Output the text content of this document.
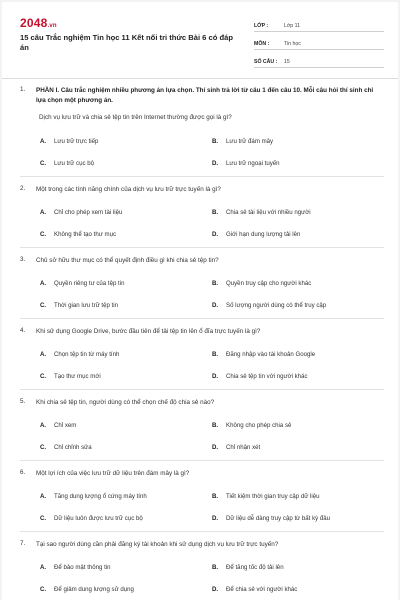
2048.vn
15 câu Trắc nghiệm Tin học 11 Kết nối tri thức Bài 6 có đáp án
LỚP :	Lớp 11
MÔN :	Tin học
SỐ CÂU :	15
1.	PHẦN I. Câu trắc nghiệm nhiều phương án lựa chọn. Thí sinh trả lời từ câu 1 đến câu 10. Mỗi câu hỏi thí sinh chỉ lựa chọn một phương án.
Dịch vụ lưu trữ và chia sẻ tệp tin trên Internet thường được gọi là gì?
A.	Lưu trữ trực tiếp	B.	Lưu trữ đám mây
C.	Lưu trữ cục bộ	D.	Lưu trữ ngoại tuyến
2.	Một trong các tính năng chính của dịch vụ lưu trữ trực tuyến là gì?
A.	Chỉ cho phép xem tài liệu	B.	Chia sẻ tài liệu với nhiều người
C.	Không thể tạo thư mục	D.	Giới hạn dung lượng tải lên
3.	Chủ sở hữu thư mục có thể quyết định điều gì khi chia sẻ tệp tin?
A.	Quyền riêng tư của tệp tin	B.	Quyền truy cập cho người khác
C.	Thời gian lưu trữ tệp tin	D.	Số lượng người dùng có thể truy cập
4.	Khi sử dụng Google Drive, bước đầu tiên để tải tệp tin lên ổ đĩa trực tuyến là gì?
A.	Chọn tệp tin từ máy tính	B.	Đăng nhập vào tài khoản Google
C.	Tạo thư mục mới	D.	Chia sẻ tệp tin với người khác
5.	Khi chia sẻ tệp tin, người dùng có thể chọn chế độ chia sẻ nào?
A.	Chỉ xem	B.	Không cho phép chia sẻ
C.	Chỉ chỉnh sửa	D.	Chỉ nhận xét
6.	Một lợi ích của việc lưu trữ dữ liệu trên đám mây là gì?
A.	Tăng dung lượng ổ cứng máy tính	B.	Tiết kiệm thời gian truy cập dữ liệu
C.	Dữ liệu luôn được lưu trữ cục bộ	D.	Dữ liệu dễ dàng truy cập từ bất kỳ đâu
7.	Tại sao người dùng cần phải đăng ký tài khoản khi sử dụng dịch vụ lưu trữ trực tuyến?
A.	Để bảo mật thông tin	B.	Để tăng tốc độ tải lên
C.	Để giảm dung lượng sử dụng	D.	Để chia sẻ với người khác
